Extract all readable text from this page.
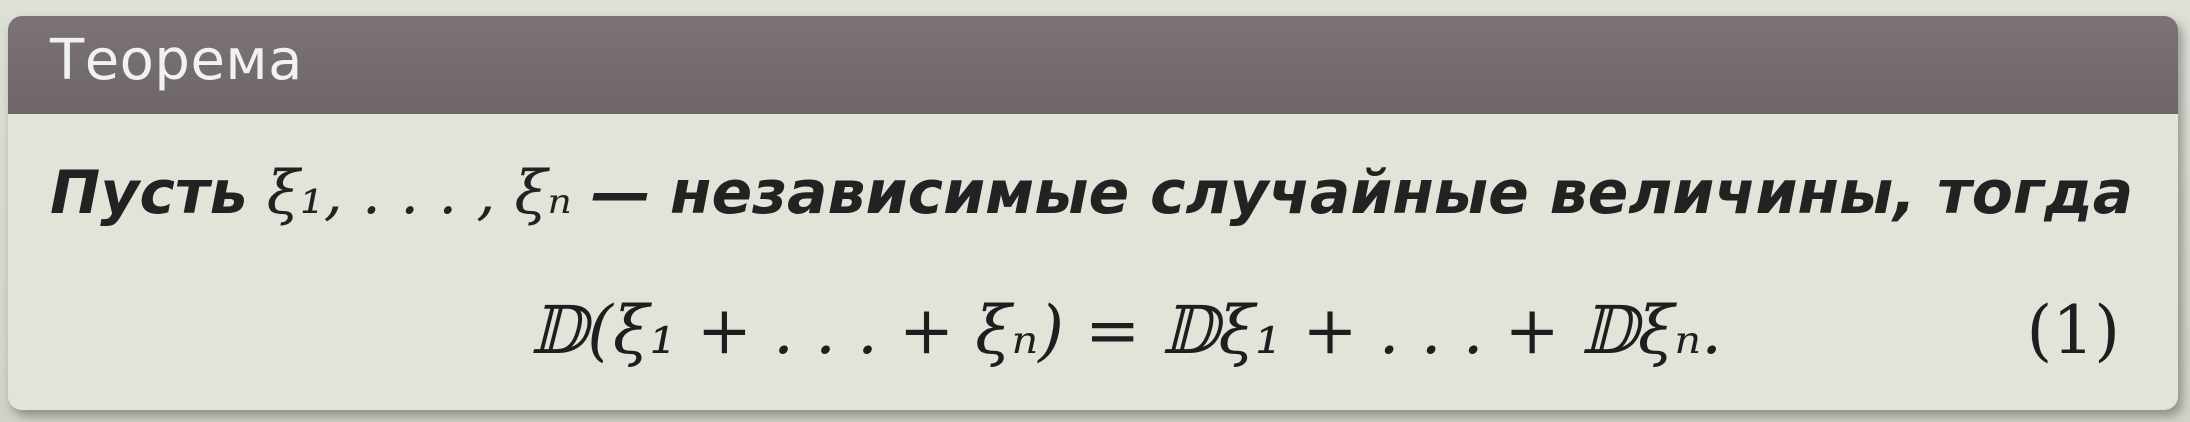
Теорема
Пусть ξ₁, . . . , ξₙ — независимые случайные величины, тогда
𝔻(ξ₁ + . . . + ξₙ) = 𝔻ξ₁ + . . . + 𝔻ξₙ.	(1)
